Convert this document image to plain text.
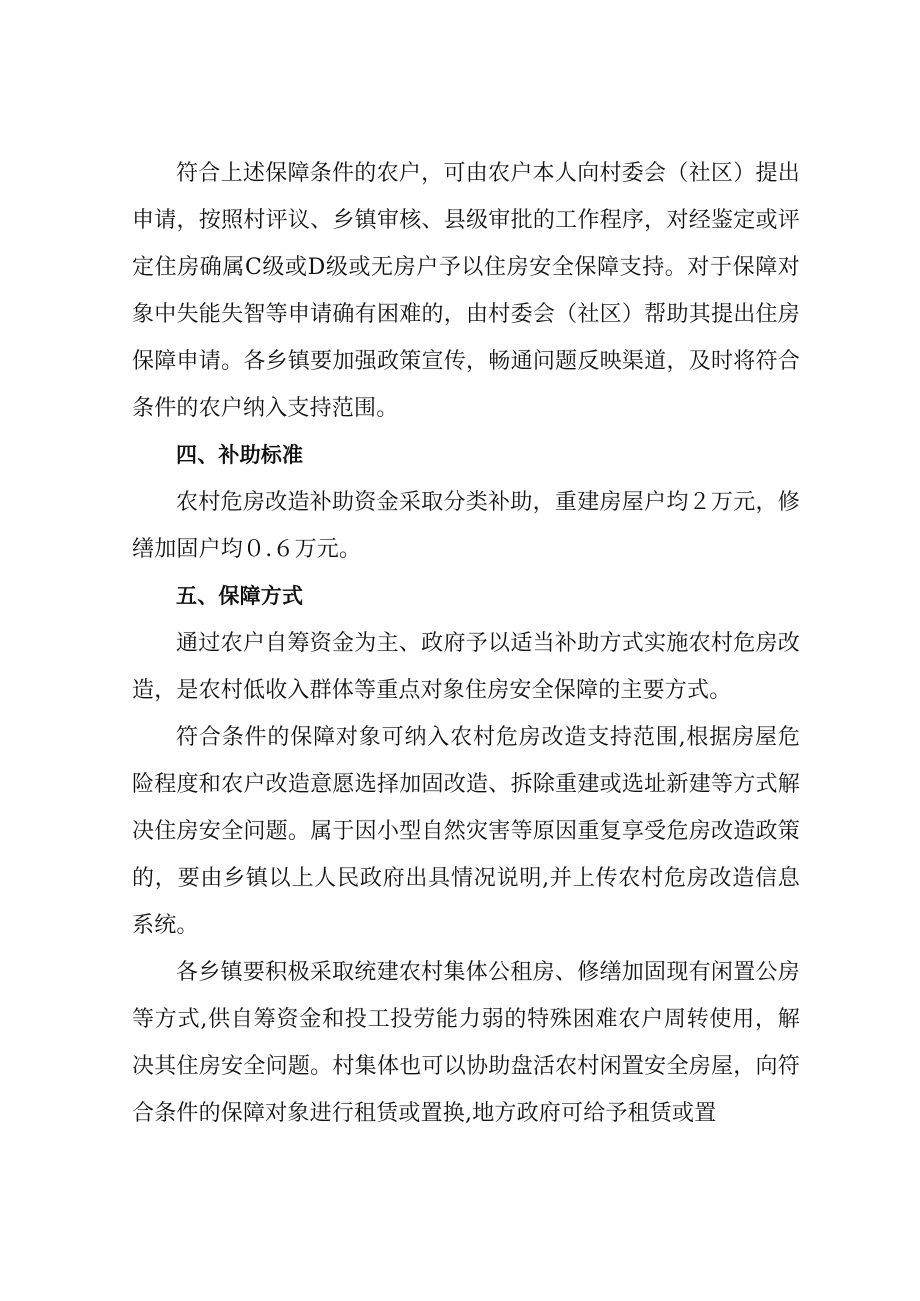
符合上述保障条件的农户，可由农户本人向村委会（社区）提出申请，按照村评议、乡镇审核、县级审批的工作程序，对经鉴定或评定住房确属C级或D级或无房户予以住房安全保障支持。对于保障对象中失能失智等申请确有困难的，由村委会（社区）帮助其提出住房保障申请。各乡镇要加强政策宣传，畅通问题反映渠道，及时将符合条件的农户纳入支持范围。

四、补助标准

农村危房改造补助资金采取分类补助，重建房屋户均２万元，修缮加固户均０.６万元。

五、保障方式

通过农户自筹资金为主、政府予以适当补助方式实施农村危房改造，是农村低收入群体等重点对象住房安全保障的主要方式。

符合条件的保障对象可纳入农村危房改造支持范围,根据房屋危险程度和农户改造意愿选择加固改造、拆除重建或选址新建等方式解决住房安全问题。属于因小型自然灾害等原因重复享受危房改造政策的，要由乡镇以上人民政府出具情况说明,并上传农村危房改造信息系统。

各乡镇要积极采取统建农村集体公租房、修缮加固现有闲置公房等方式,供自筹资金和投工投劳能力弱的特殊困难农户周转使用，解决其住房安全问题。村集体也可以协助盘活农村闲置安全房屋，向符合条件的保障对象进行租赁或置换,地方政府可给予租赁或置
